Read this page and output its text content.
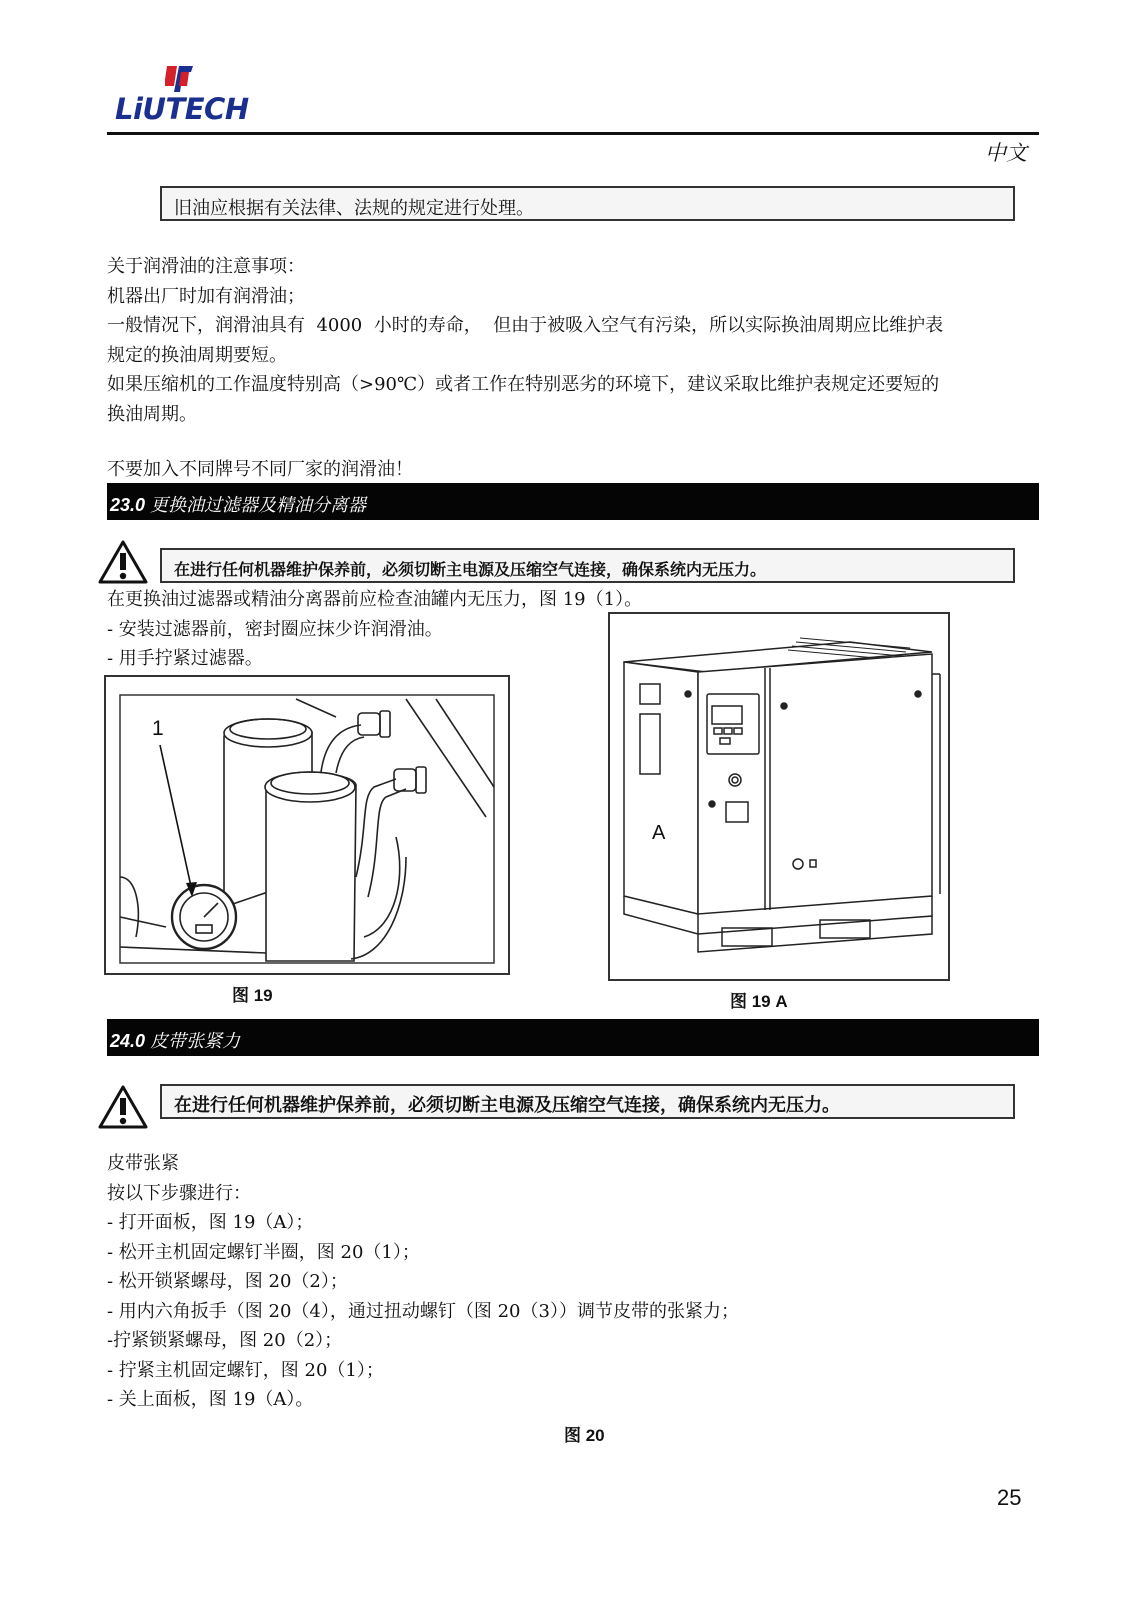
LiUTECH
中文
旧油应根据有关法律、法规的规定进行处理。
关于润滑油的注意事项：
机器出厂时加有润滑油；
一般情况下，润滑油具有  4000  小时的寿命，  但由于被吸入空气有污染，所以实际换油周期应比维护表
规定的换油周期要短。
如果压缩机的工作温度特别高（>90℃）或者工作在特别恶劣的环境下，建议采取比维护表规定还要短的
换油周期。
不要加入不同牌号不同厂家的润滑油！
23.0 更换油过滤器及精油分离器
在进行任何机器维护保养前，必须切断主电源及压缩空气连接，确保系统内无压力。
在更换油过滤器或精油分离器前应检查油罐内无压力，图 19（1）。
- 安装过滤器前，密封圈应抹少许润滑油。
- 用手拧紧过滤器。
1
图 19
A
图 19 A
24.0 皮带张紧力
在进行任何机器维护保养前，必须切断主电源及压缩空气连接，确保系统内无压力。
皮带张紧
按以下步骤进行：
- 打开面板，图 19（A）；
- 松开主机固定螺钉半圈，图 20（1）；
- 松开锁紧螺母，图 20（2）；
- 用内六角扳手（图 20（4），通过扭动螺钉（图 20（3））调节皮带的张紧力；
-拧紧锁紧螺母，图 20（2）；
- 拧紧主机固定螺钉，图 20（1）；
- 关上面板，图 19（A）。
图 20
25
